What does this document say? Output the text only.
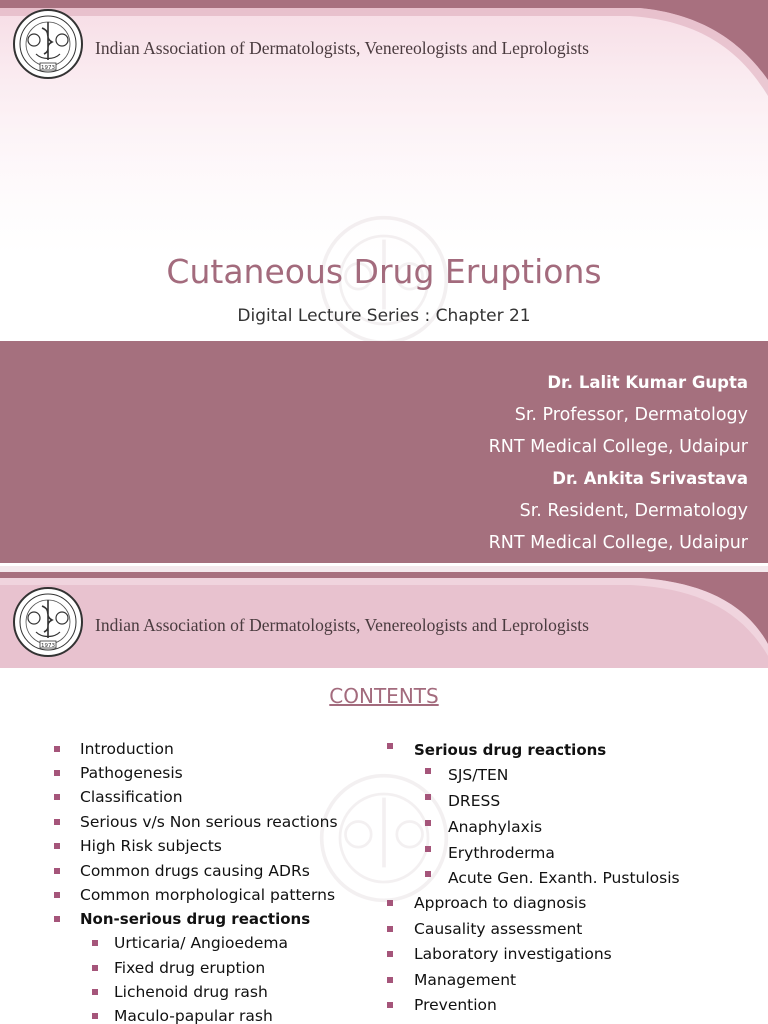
1973
Indian Association of Dermatologists, Venereologists and Leprologists
Cutaneous Drug Eruptions
Digital Lecture Series : Chapter 21
Dr. Lalit Kumar Gupta
Sr. Professor, Dermatology
RNT Medical College, Udaipur
Dr. Ankita Srivastava
Sr. Resident, Dermatology
RNT Medical College, Udaipur
1973
Indian Association of Dermatologists, Venereologists and Leprologists
CONTENTS
Introduction
Pathogenesis
Classification
Serious v/s Non serious reactions
High Risk subjects
Common drugs causing ADRs
Common morphological patterns
Non-serious drug reactions
Urticaria/ Angioedema
Fixed drug eruption
Lichenoid drug rash
Maculo-papular rash
Serious drug reactions
SJS/TEN
DRESS
Anaphylaxis
Erythroderma
Acute Gen. Exanth. Pustulosis
Approach to diagnosis
Causality assessment
Laboratory investigations
Management
Prevention
